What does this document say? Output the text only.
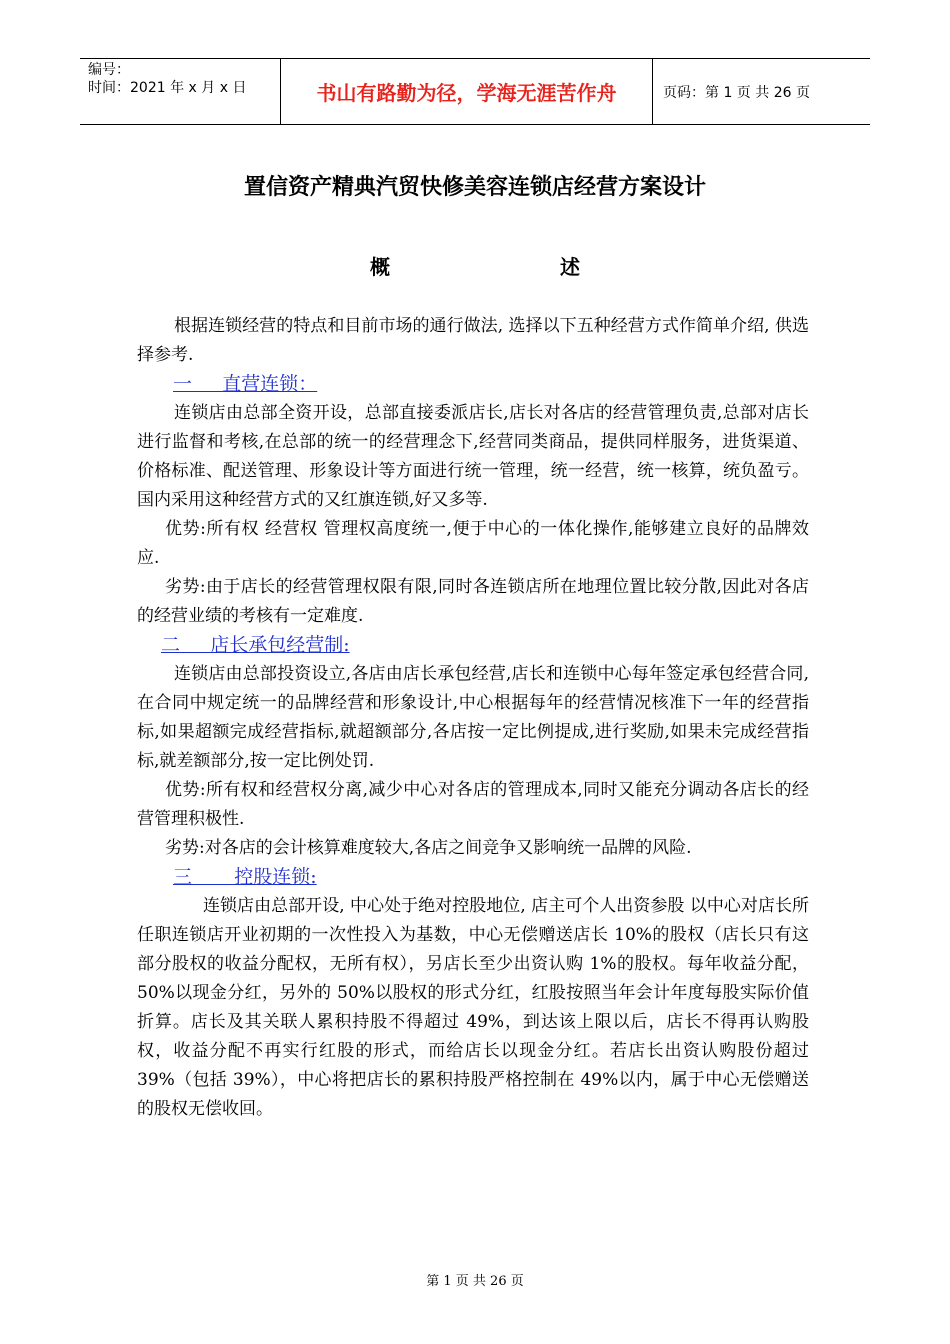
编号：
时间：2021 年 x 月 x 日	书山有路勤为径，学海无涯苦作舟	页码：第 1 页 共 26 页
置信资产精典汽贸快修美容连锁店经营方案设计
概	述

根据连锁经营的特点和目前市场的通行做法, 选择以下五种经营方式作简单介绍, 供选择参考.

一     直营连锁：

连锁店由总部全资开设，总部直接委派店长,店长对各店的经营管理负责,总部对店长进行监督和考核,在总部的统一的经营理念下,经营同类商品，提供同样服务，进货渠道、价格标准、配送管理、形象设计等方面进行统一管理，统一经营，统一核算，统负盈亏。国内采用这种经营方式的又红旗连锁,好又多等.

优势:所有权 经营权 管理权高度统一,便于中心的一体化操作,能够建立良好的品牌效应.

劣势:由于店长的经营管理权限有限,同时各连锁店所在地理位置比较分散,因此对各店的经营业绩的考核有一定难度.

二     店长承包经营制:

连锁店由总部投资设立,各店由店长承包经营,店长和连锁中心每年签定承包经营合同,在合同中规定统一的品牌经营和形象设计,中心根据每年的经营情况核准下一年的经营指标,如果超额完成经营指标,就超额部分,各店按一定比例提成,进行奖励,如果未完成经营指标,就差额部分,按一定比例处罚.

优势:所有权和经营权分离,减少中心对各店的管理成本,同时又能充分调动各店长的经营管理积极性.

劣势:对各店的会计核算难度较大,各店之间竞争又影响统一品牌的风险.

三       控股连锁:

连锁店由总部开设, 中心处于绝对控股地位, 店主可个人出资参股 以中心对店长所任职连锁店开业初期的一次性投入为基数，中心无偿赠送店长 10%的股权（店长只有这部分股权的收益分配权，无所有权），另店长至少出资认购 1%的股权。每年收益分配，50%以现金分红，另外的 50%以股权的形式分红，红股按照当年会计年度每股实际价值折算。店长及其关联人累积持股不得超过 49%，到达该上限以后，店长不得再认购股权，收益分配不再实行红股的形式，而给店长以现金分红。若店长出资认购股份超过 39%（包括 39%），中心将把店长的累积持股严格控制在 49%以内，属于中心无偿赠送的股权无偿收回。

第 1 页 共 26 页
